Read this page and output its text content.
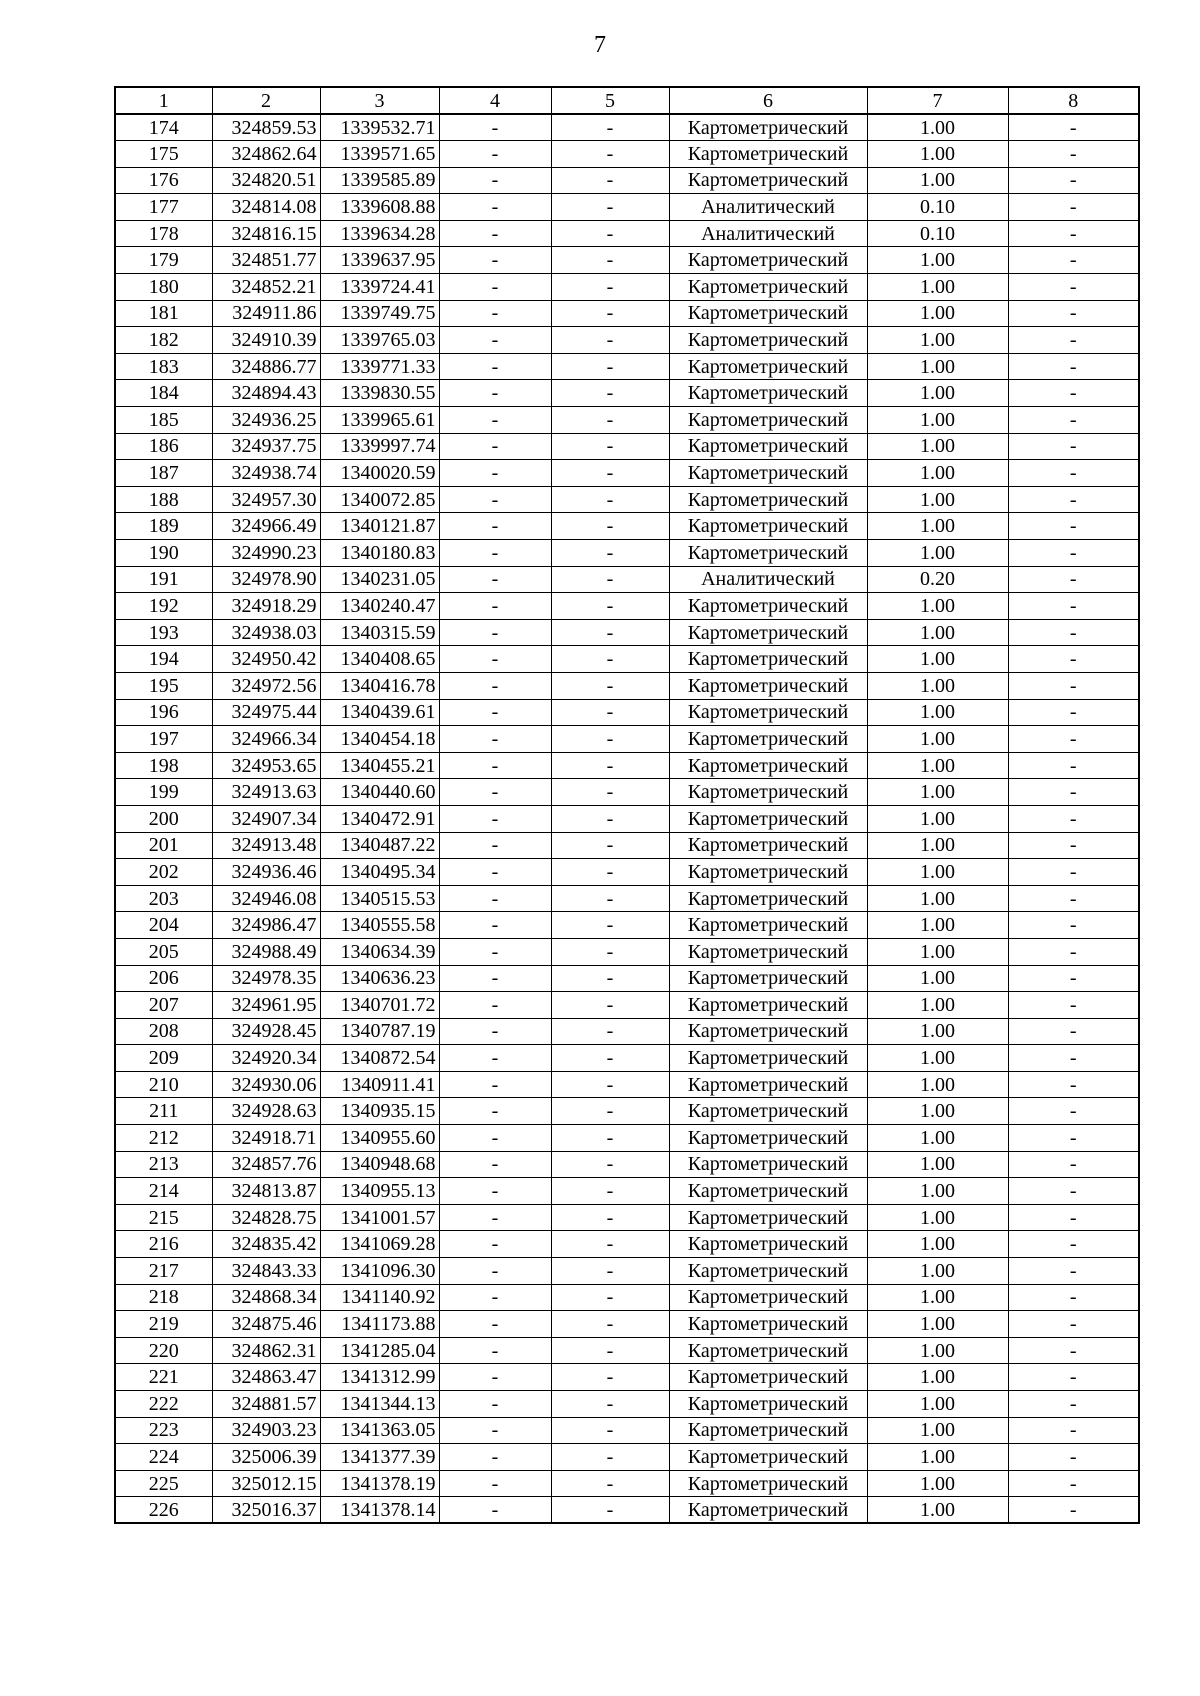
7
1	2	3	4	5	6	7	8
174	324859.53	1339532.71	-	-	Картометрический	1.00	-
175	324862.64	1339571.65	-	-	Картометрический	1.00	-
176	324820.51	1339585.89	-	-	Картометрический	1.00	-
177	324814.08	1339608.88	-	-	Аналитический	0.10	-
178	324816.15	1339634.28	-	-	Аналитический	0.10	-
179	324851.77	1339637.95	-	-	Картометрический	1.00	-
180	324852.21	1339724.41	-	-	Картометрический	1.00	-
181	324911.86	1339749.75	-	-	Картометрический	1.00	-
182	324910.39	1339765.03	-	-	Картометрический	1.00	-
183	324886.77	1339771.33	-	-	Картометрический	1.00	-
184	324894.43	1339830.55	-	-	Картометрический	1.00	-
185	324936.25	1339965.61	-	-	Картометрический	1.00	-
186	324937.75	1339997.74	-	-	Картометрический	1.00	-
187	324938.74	1340020.59	-	-	Картометрический	1.00	-
188	324957.30	1340072.85	-	-	Картометрический	1.00	-
189	324966.49	1340121.87	-	-	Картометрический	1.00	-
190	324990.23	1340180.83	-	-	Картометрический	1.00	-
191	324978.90	1340231.05	-	-	Аналитический	0.20	-
192	324918.29	1340240.47	-	-	Картометрический	1.00	-
193	324938.03	1340315.59	-	-	Картометрический	1.00	-
194	324950.42	1340408.65	-	-	Картометрический	1.00	-
195	324972.56	1340416.78	-	-	Картометрический	1.00	-
196	324975.44	1340439.61	-	-	Картометрический	1.00	-
197	324966.34	1340454.18	-	-	Картометрический	1.00	-
198	324953.65	1340455.21	-	-	Картометрический	1.00	-
199	324913.63	1340440.60	-	-	Картометрический	1.00	-
200	324907.34	1340472.91	-	-	Картометрический	1.00	-
201	324913.48	1340487.22	-	-	Картометрический	1.00	-
202	324936.46	1340495.34	-	-	Картометрический	1.00	-
203	324946.08	1340515.53	-	-	Картометрический	1.00	-
204	324986.47	1340555.58	-	-	Картометрический	1.00	-
205	324988.49	1340634.39	-	-	Картометрический	1.00	-
206	324978.35	1340636.23	-	-	Картометрический	1.00	-
207	324961.95	1340701.72	-	-	Картометрический	1.00	-
208	324928.45	1340787.19	-	-	Картометрический	1.00	-
209	324920.34	1340872.54	-	-	Картометрический	1.00	-
210	324930.06	1340911.41	-	-	Картометрический	1.00	-
211	324928.63	1340935.15	-	-	Картометрический	1.00	-
212	324918.71	1340955.60	-	-	Картометрический	1.00	-
213	324857.76	1340948.68	-	-	Картометрический	1.00	-
214	324813.87	1340955.13	-	-	Картометрический	1.00	-
215	324828.75	1341001.57	-	-	Картометрический	1.00	-
216	324835.42	1341069.28	-	-	Картометрический	1.00	-
217	324843.33	1341096.30	-	-	Картометрический	1.00	-
218	324868.34	1341140.92	-	-	Картометрический	1.00	-
219	324875.46	1341173.88	-	-	Картометрический	1.00	-
220	324862.31	1341285.04	-	-	Картометрический	1.00	-
221	324863.47	1341312.99	-	-	Картометрический	1.00	-
222	324881.57	1341344.13	-	-	Картометрический	1.00	-
223	324903.23	1341363.05	-	-	Картометрический	1.00	-
224	325006.39	1341377.39	-	-	Картометрический	1.00	-
225	325012.15	1341378.19	-	-	Картометрический	1.00	-
226	325016.37	1341378.14	-	-	Картометрический	1.00	-
